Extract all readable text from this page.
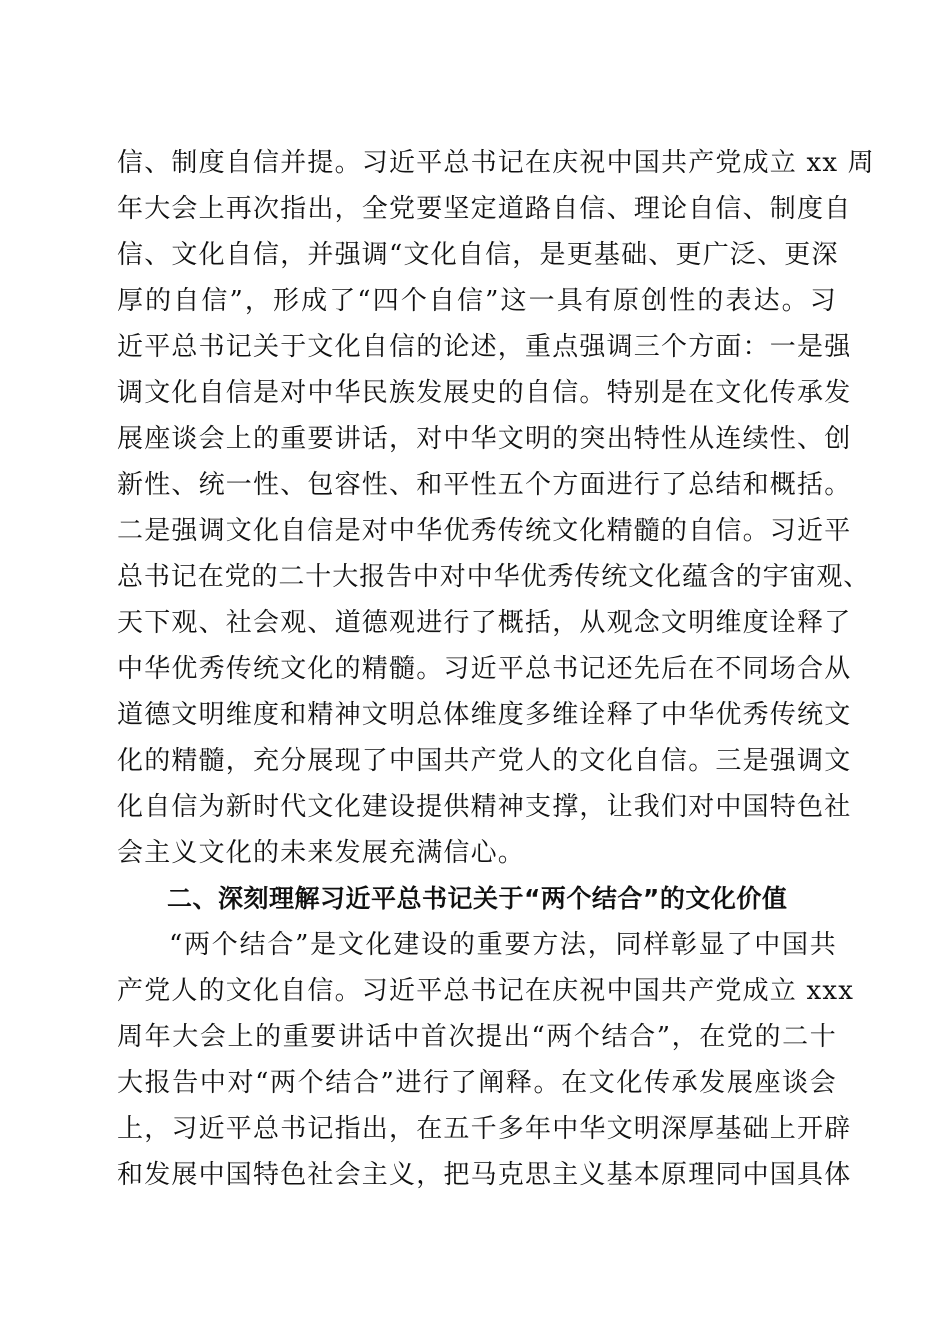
信、制度自信并提。习近平总书记在庆祝中国共产党成立 xx 周
年大会上再次指出，全党要坚定道路自信、理论自信、制度自
信、文化自信，并强调“文化自信，是更基础、更广泛、更深
厚的自信”，形成了“四个自信”这一具有原创性的表达。习
近平总书记关于文化自信的论述，重点强调三个方面：一是强
调文化自信是对中华民族发展史的自信。特别是在文化传承发
展座谈会上的重要讲话，对中华文明的突出特性从连续性、创
新性、统一性、包容性、和平性五个方面进行了总结和概括。
二是强调文化自信是对中华优秀传统文化精髓的自信。习近平
总书记在党的二十大报告中对中华优秀传统文化蕴含的宇宙观、
天下观、社会观、道德观进行了概括，从观念文明维度诠释了
中华优秀传统文化的精髓。习近平总书记还先后在不同场合从
道德文明维度和精神文明总体维度多维诠释了中华优秀传统文
化的精髓，充分展现了中国共产党人的文化自信。三是强调文
化自信为新时代文化建设提供精神支撑，让我们对中国特色社
会主义文化的未来发展充满信心。
二、深刻理解习近平总书记关于“两个结合”的文化价值
“两个结合”是文化建设的重要方法，同样彰显了中国共
产党人的文化自信。习近平总书记在庆祝中国共产党成立 xxx
周年大会上的重要讲话中首次提出“两个结合”，在党的二十
大报告中对“两个结合”进行了阐释。在文化传承发展座谈会
上，习近平总书记指出，在五千多年中华文明深厚基础上开辟
和发展中国特色社会主义，把马克思主义基本原理同中国具体
